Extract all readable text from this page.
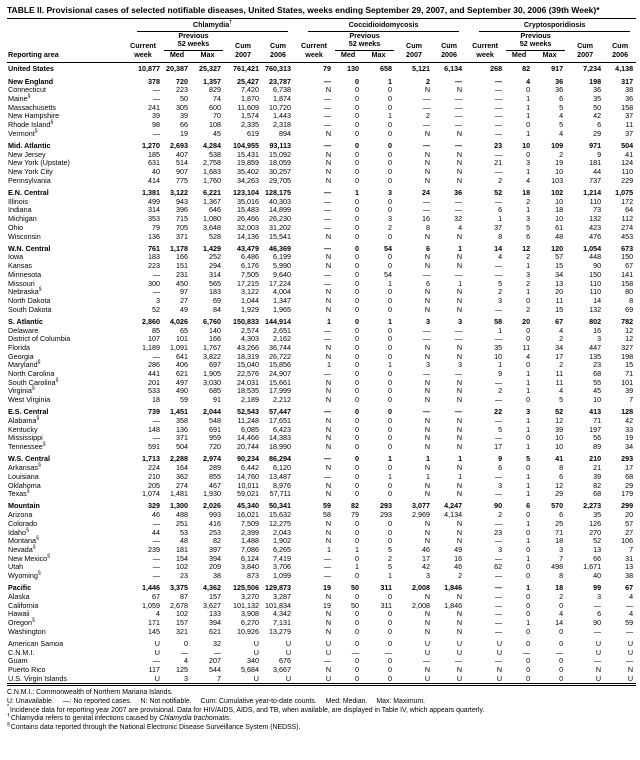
TABLE II. Provisional cases of selected notifiable diseases, United States, weeks ending September 29, 2007, and September 30, 2006 (39th Week)*

	Chlamydia†					Coccidioidomycosis					Cryptosporidiosis				

	Current	
Previous
52 weeks	Cum	Cum	Current	
Previous
52 weeks	Cum	Cum	Current	
Previous
52 weeks	Cum	Cum
Reporting area	week	Med	Max	2007	2006	week	Med	Max	2007	2006	week	Med	Max	2007	2006
United States	10,877	20,387	25,327	761,421	760,313	79	130	658	5,121	6,134	268	82	917	7,234	4,138
New England	378	720	1,357	25,427	23,787	—	0	1	2	—	—	4	36	198	317
Connecticut	—	223	829	7,420	6,738	N	0	0	N	N	—	0	36	36	38
Maine§	—	50	74	1,870	1,874	—	0	0	—	—	—	1	6	35	36
Massachusetts	241	305	600	11,609	10,720	—	0	0	—	—	—	1	5	50	158
New Hampshire	39	39	70	1,574	1,443	—	0	1	2	—	—	1	4	42	37
Rhode Island§	98	66	108	2,335	2,318	—	0	0	—	—	—	0	5	6	11
Vermont§	—	19	45	619	894	N	0	0	N	N	—	1	4	29	37
Mid. Atlantic	1,270	2,693	4,284	104,955	93,113	—	0	0	—	—	23	10	109	971	504
New Jersey	185	407	538	15,431	15,092	N	0	0	N	N	—	0	2	9	41
New York (Upstate)	631	514	2,758	19,859	18,059	N	0	0	N	N	21	3	19	181	124
New York City	40	907	1,683	35,402	30,257	N	0	0	N	N	—	1	10	44	110
Pennsylvania	414	775	1,760	34,263	29,705	N	0	0	N	N	2	4	103	737	229
E.N. Central	1,381	3,122	6,221	123,104	128,175	—	1	3	24	36	52	18	102	1,214	1,075
Illinois	499	943	1,367	35,016	40,303	—	0	0	—	—	—	2	10	110	172
Indiana	314	396	646	15,483	14,899	—	0	0	—	—	6	1	18	73	64
Michigan	353	715	1,080	26,466	26,230	—	0	3	16	32	1	3	10	132	112
Ohio	79	705	3,648	32,003	31,202	—	0	2	8	4	37	5	61	423	274
Wisconsin	136	371	528	14,136	15,541	N	0	0	N	N	8	6	48	476	453
W.N. Central	761	1,178	1,429	43,479	46,369	—	0	54	6	1	14	12	120	1,054	673
Iowa	183	166	252	6,486	6,199	N	0	0	N	N	4	2	57	448	150
Kansas	223	151	294	6,176	5,990	N	0	0	N	N	—	1	15	90	67
Minnesota	—	231	314	7,505	9,640	—	0	54	—	—	—	3	34	150	141
Missouri	300	450	565	17,215	17,224	—	0	1	6	1	5	2	13	110	158
Nebraska§	—	97	183	3,122	4,004	N	0	0	N	N	2	1	20	110	80
North Dakota	3	27	69	1,044	1,347	N	0	0	N	N	3	0	11	14	8
South Dakota	52	49	84	1,929	1,965	N	0	0	N	N	—	2	15	132	69
S. Atlantic	2,860	4,026	6,760	150,833	144,914	1	0	1	3	3	58	20	67	802	782
Delaware	85	65	140	2,574	2,651	—	0	0	—	—	1	0	4	16	12
District of Columbia	107	101	166	4,303	2,162	—	0	0	—	—	—	0	2	3	12
Florida	1,189	1,091	1,767	43,266	36,744	N	0	0	N	N	35	11	34	447	327
Georgia	—	641	3,822	18,319	26,722	N	0	0	N	N	10	4	17	135	198
Maryland§	286	406	697	15,040	15,856	1	0	1	3	3	1	0	2	23	15
North Carolina	441	621	1,905	22,576	24,907	—	0	0	—	—	9	1	11	68	71
South Carolina§	201	497	3,030	24,031	15,661	N	0	0	N	N	—	1	11	55	101
Virginia§	533	490	685	18,535	17,999	N	0	0	N	N	2	1	4	45	39
West Virginia	18	59	91	2,189	2,212	N	0	0	N	N	—	0	5	10	7
E.S. Central	739	1,451	2,044	52,543	57,447	—	0	0	—	—	22	3	52	413	128
Alabama§	—	358	548	11,248	17,651	N	0	0	N	N	—	1	12	71	42
Kentucky	148	136	691	6,085	6,423	N	0	0	N	N	5	1	39	197	33
Mississippi	—	371	959	14,466	14,383	N	0	0	N	N	—	0	10	56	19
Tennessee§	591	504	720	20,744	18,990	N	0	0	N	N	17	1	10	89	34
W.S. Central	1,713	2,288	2,974	90,234	86,294	—	0	1	1	1	9	5	41	210	293
Arkansas§	224	164	289	6,442	6,120	N	0	0	N	N	6	0	8	21	17
Louisiana	210	362	855	14,760	13,487	—	0	1	1	1	—	1	6	39	68
Oklahoma	205	274	467	10,011	8,976	N	0	0	N	N	3	1	12	82	29
Texas§	1,074	1,481	1,930	59,021	57,711	N	0	0	N	N	—	1	29	68	179
Mountain	329	1,300	2,026	45,340	50,341	59	82	293	3,077	4,247	90	6	570	2,273	299
Arizona	46	488	993	16,021	15,632	58	79	293	2,969	4,134	2	0	6	35	20
Colorado	—	251	416	7,509	12,275	N	0	0	N	N	—	1	25	126	57
Idaho§	44	53	253	2,399	2,043	N	0	0	N	N	23	0	71	270	27
Montana§	—	48	82	1,488	1,902	N	0	0	N	N	—	1	18	52	106
Nevada§	239	181	397	7,086	6,265	1	1	5	46	49	3	0	3	13	7
New Mexico§	—	154	394	6,124	7,419	—	0	2	17	16	—	1	7	66	31
Utah	—	102	209	3,840	3,706	—	1	5	42	46	62	0	498	1,671	13
Wyoming§	—	23	38	873	1,099	—	0	1	3	2	—	0	8	40	38
Pacific	1,446	3,375	4,362	125,506	129,873	19	50	311	2,008	1,846	—	1	18	99	67
Alaska	67	87	157	3,270	3,287	N	0	0	N	N	—	0	2	3	4
California	1,059	2,678	3,627	101,132	101,834	19	50	311	2,008	1,846	—	0	0	—	—
Hawaii	4	102	133	3,908	4,342	N	0	0	N	N	—	0	4	6	4
Oregon§	171	157	394	6,270	7,131	N	0	0	N	N	—	1	14	90	59
Washington	145	321	621	10,926	13,279	N	0	0	N	N	—	0	0	—	—
American Samoa	U	0	32	U	U	U	0	0	U	U	U	0	0	U	U
C.N.M.I.	U	—	—	U	U	U	—	—	U	U	U	—	—	U	U
Guam	—	4	207	340	676	—	0	0	—	—	—	0	0	—	—
Puerto Rico	117	125	544	5,684	3,667	N	0	0	N	N	N	0	0	N	N
U.S. Virgin Islands	U	3	7	U	U	U	0	0	U	U	U	0	0	U	U
C.N.M.I.: Commonwealth of Northern Mariana Islands.
U: Unavailable. —: No reported cases. N: Not notifiable. Cum: Cumulative year-to-date counts. Med: Median. Max: Maximum.
*Incidence data for reporting year 2007 are provisional. Data for HIV/AIDS, AIDS, and TB, when available, are displayed in Table IV, which appears quarterly.
†Chlamydia refers to genital infections caused by Chlamydia trachomatis.
§Contains data reported through the National Electronic Disease Surveillance System (NEDSS).
